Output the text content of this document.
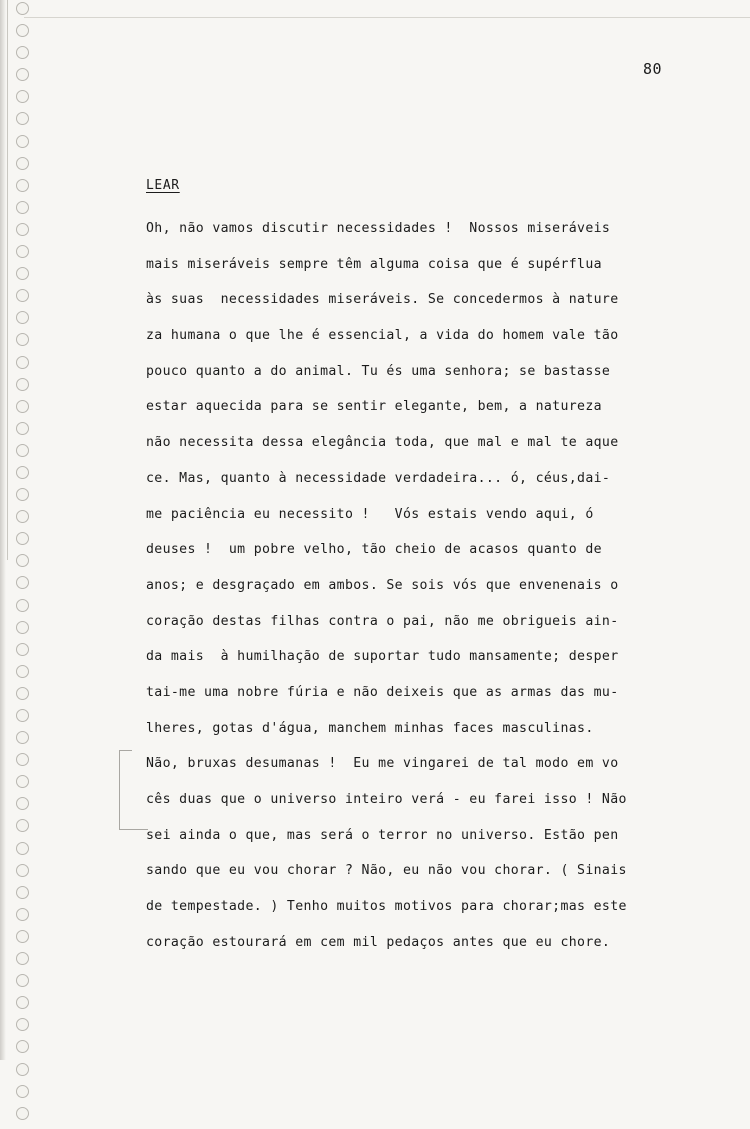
80
LEAR
Oh, não vamos discutir necessidades !  Nossos miseráveis
mais miseráveis sempre têm alguma coisa que é supérflua
às suas  necessidades miseráveis. Se concedermos à nature
za humana o que lhe é essencial, a vida do homem vale tão
pouco quanto a do animal. Tu és uma senhora; se bastasse
estar aquecida para se sentir elegante, bem, a natureza
não necessita dessa elegância toda, que mal e mal te aque
ce. Mas, quanto à necessidade verdadeira... ó, céus,dai-
me paciência eu necessito !   Vós estais vendo aqui, ó
deuses !  um pobre velho, tão cheio de acasos quanto de
anos; e desgraçado em ambos. Se sois vós que envenenais o
coração destas filhas contra o pai, não me obrigueis ain-
da mais  à humilhação de suportar tudo mansamente; desper
tai-me uma nobre fúria e não deixeis que as armas das mu-
lheres, gotas d'água, manchem minhas faces masculinas.
Não, bruxas desumanas !  Eu me vingarei de tal modo em vo
cês duas que o universo inteiro verá - eu farei isso ! Não
sei ainda o que, mas será o terror no universo. Estão pen
sando que eu vou chorar ? Não, eu não vou chorar. ( Sinais
de tempestade. ) Tenho muitos motivos para chorar;mas este
coração estourará em cem mil pedaços antes que eu chore.
